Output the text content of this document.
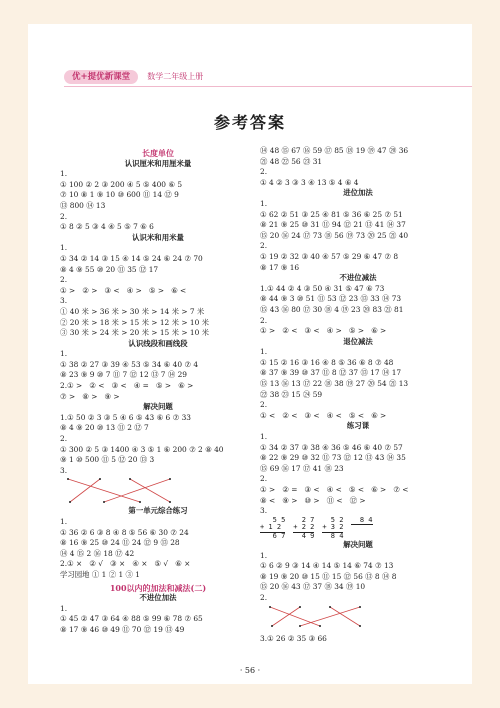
优+提优新课堂 数学二年级上册
参考答案
长度单位
认识厘米和用厘米量
1.
① 100 ② 2 ③ 200 ④ 5 ⑤ 400 ⑥ 5
⑦ 10 ⑧ 1 ⑨ 10 ⑩ 600 ⑪ 14 ⑫ 9
⑬ 800 ⑭ 13
2.
① 8 ② 5 ③ 4 ④ 5 ⑤ 7 ⑥ 6
认识米和用米量
1.
① 34 ② 14 ③ 15 ④ 14 ⑤ 24 ⑥ 24 ⑦ 70
⑧ 4 ⑨ 55 ⑩ 20 ⑪ 35 ⑫ 17
2.
① >   ② >   ③ <   ④ >   ⑤ >   ⑥ <
3.
① 40 米 > 36 米 > 30 米 > 14 米 > 7 米
② 20 米 > 18 米 > 15 米 > 12 米 > 10 米
③ 30 米 > 24 米 > 20 米 > 15 米 > 10 米
认识线段和画线段
1.
① 38 ② 27 ③ 39 ④ 53 ⑤ 34 ⑥ 40 ⑦ 4
⑧ 23 ⑨ 9 ⑩ 7 ⑪ 7 ⑫ 12 ⑬ 7 ⑭ 29
2.① >   ② <   ③ <   ④ =   ⑤ >   ⑥ >
⑦ >   ⑧ >   ⑨ >
解决问题
1.① 50 ② 3 ③ 5 ④ 6 ⑤ 43 ⑥ 6 ⑦ 33
⑧ 4 ⑨ 20 ⑩ 13 ⑪ 2 ⑫ 7
2.
① 300 ② 5 ③ 1400 ④ 3 ⑤ 1 ⑥ 200 ⑦ 2 ⑧ 40
⑨ 1 ⑩ 500 ⑪ 5 ⑫ 20 ⑬ 3
3.
第一单元综合练习
1.
① 36 ② 6 ③ 8 ④ 8 ⑤ 56 ⑥ 30 ⑦ 24
⑧ 16 ⑨ 25 ⑩ 24 ⑪ 24 ⑫ 9 ⑬ 28
⑭ 4 ⑮ 2 ⑯ 18 ⑰ 42
2.① ×   ② √   ③ ×   ④ ×   ⑤ √   ⑥ ×
学习园地 ① 1 ② 1 ③ 1
100以内的加法和减法(二)
不进位加法
1.
① 45 ② 47 ③ 64 ④ 88 ⑤ 99 ⑥ 78 ⑦ 65
⑧ 17 ⑨ 46 ⑩ 49 ⑪ 70 ⑫ 19 ⑬ 49
⑭ 48 ⑮ 67 ⑯ 59 ⑰ 85 ⑱ 19 ⑲ 47 ⑳ 36
㉑ 48 ㉒ 56 ㉓ 31
2.
① 4 ② 3 ③ 3 ④ 13 ⑤ 4 ⑥ 4
进位加法
1.
① 62 ② 51 ③ 25 ④ 81 ⑤ 36 ⑥ 25 ⑦ 51
⑧ 21 ⑨ 25 ⑩ 31 ⑪ 94 ⑫ 21 ⑬ 41 ⑭ 37
⑮ 20 ⑯ 24 ⑰ 73 ⑱ 56 ⑲ 73 ⑳ 25 ㉑ 40
2.
① 19 ② 32 ③ 40 ④ 57 ⑤ 29 ⑥ 47 ⑦ 8
⑧ 17 ⑨ 16
不进位减法
1.① 44 ② 4 ③ 50 ④ 31 ⑤ 47 ⑥ 73
⑧ 44 ⑨ 3 ⑩ 51 ⑪ 53 ⑫ 23 ⑬ 33 ⑭ 73
⑮ 43 ⑯ 80 ⑰ 30 ⑱ 4 ⑲ 23 ⑳ 83 ㉑ 81
2.
① >   ② <   ③ <   ④ >   ⑤ >   ⑥ >
退位减法
1.
① 15 ② 16 ③ 16 ④ 8 ⑤ 36 ⑥ 8 ⑦ 48
⑧ 37 ⑨ 39 ⑩ 37 ⑪ 8 ⑫ 37 ⑬ 17 ⑭ 17
⑮ 13 ⑯ 13 ⑰ 22 ⑱ 38 ⑲ 27 ⑳ 54 ㉑ 13
㉒ 38 ㉓ 15 ㉔ 59
2.
① <   ② <   ③ <   ④ <   ⑤ <   ⑥ >
练习课
1.
① 34 ② 37 ③ 38 ④ 36 ⑤ 46 ⑥ 40 ⑦ 57
⑧ 22 ⑨ 29 ⑩ 32 ⑪ 73 ⑫ 12 ⑬ 43 ⑭ 35
⑮ 69 ⑯ 17 ⑰ 41 ⑱ 23
2.
① >   ② =   ③ <   ④ <   ⑤ <   ⑥ >   ⑦ <
⑧ <   ⑨ >   ⑩ >   ⑪ <   ⑫ >
3.
5 5
+ 1 2
6 7
2 7
+ 2 2
4 9
5 2
+ 3 2
8 4
8 4
解决问题
1.
① 6 ② 9 ③ 14 ④ 14 ⑤ 14 ⑥ 74 ⑦ 13
⑧ 19 ⑨ 20 ⑩ 15 ⑪ 15 ⑫ 56 ⑬ 8 ⑭ 8
⑮ 20 ⑯ 43 ⑰ 37 ⑱ 34 ⑲ 10
2.
3.① 26 ② 35 ③ 66
· 56 ·
